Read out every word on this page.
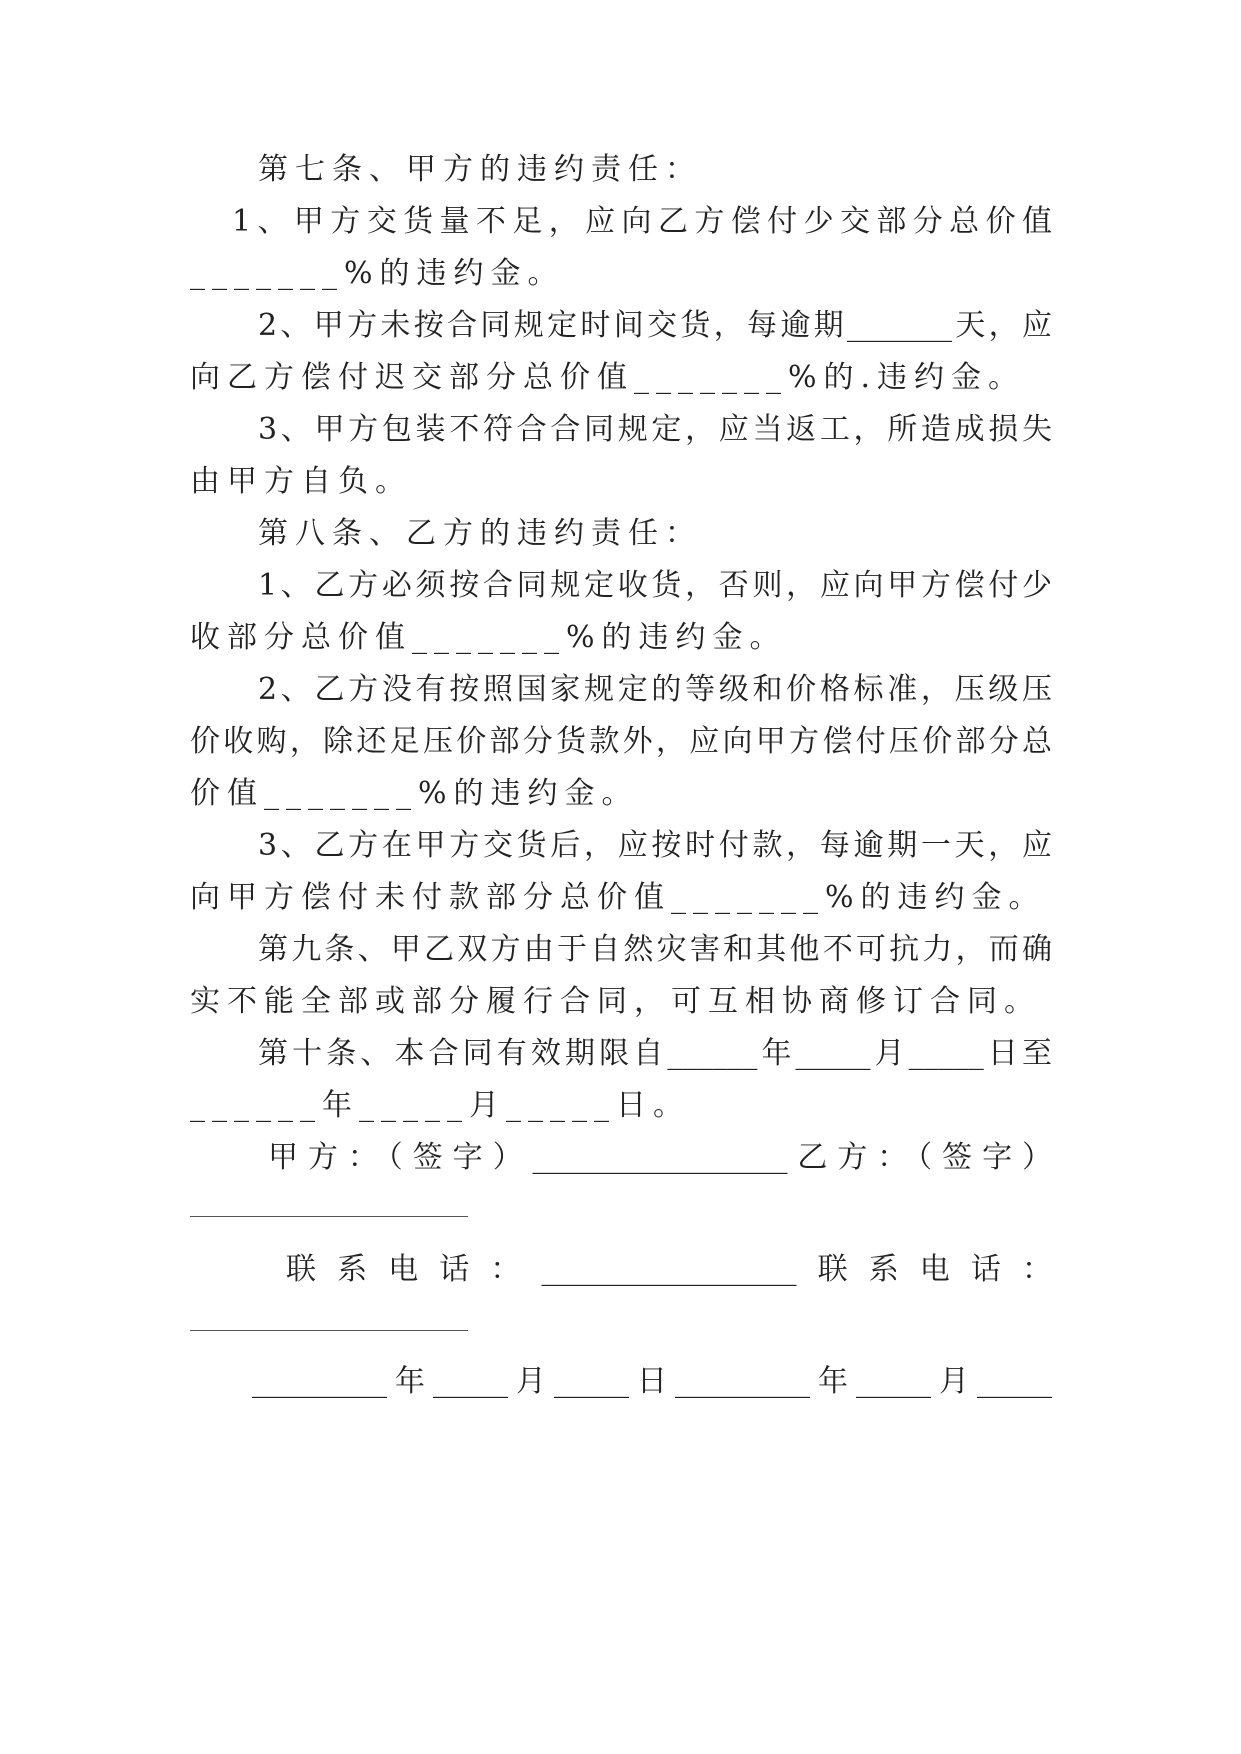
第七条、甲方的违约责任：
1、甲方交货量不足，应向乙方偿付少交部分总价值
_______%的违约金。
2、甲方未按合同规定时间交货，每逾期_______天，应
向乙方偿付迟交部分总价值_______%的.违约金。
3、甲方包装不符合合同规定，应当返工，所造成损失
由甲方自负。
第八条、乙方的违约责任：
1、乙方必须按合同规定收货，否则，应向甲方偿付少
收部分总价值_______%的违约金。
2、乙方没有按照国家规定的等级和价格标准，压级压
价收购，除还足压价部分货款外，应向甲方偿付压价部分总
价值_______%的违约金。
3、乙方在甲方交货后，应按时付款，每逾期一天，应
向甲方偿付未付款部分总价值_______%的违约金。
第九条、甲乙双方由于自然灾害和其他不可抗力，而确
实不能全部或部分履行合同，可互相协商修订合同。
第十条、本合同有效期限自______年_____月_____日至
______年_____月_____日。
甲方：（签字）_________________乙方：（签字）
联系电话：_________________联系电话：
_________年_____月_____日_________年_____月_____
